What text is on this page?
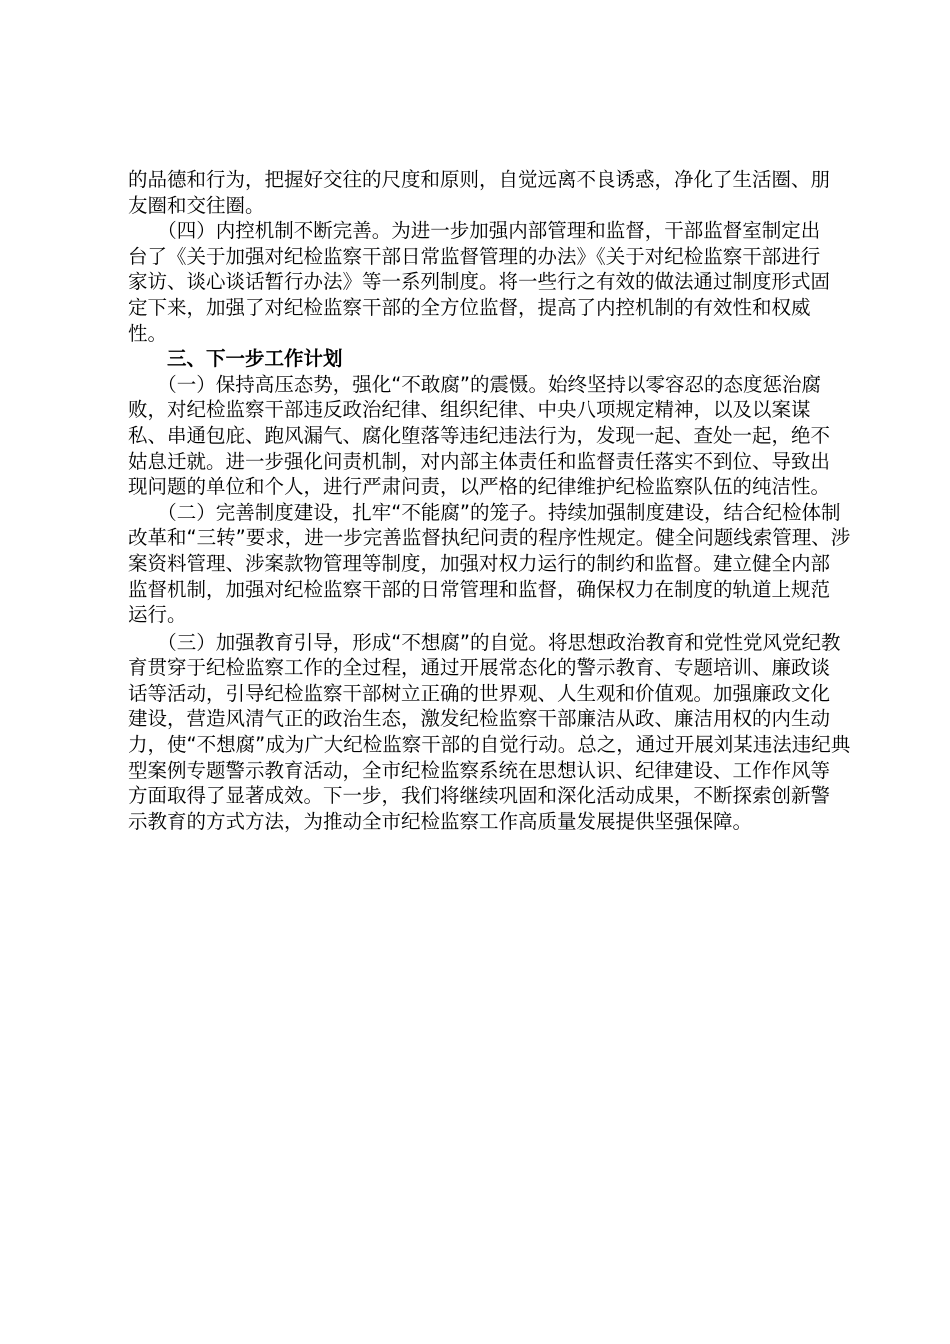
的品德和行为，把握好交往的尺度和原则，自觉远离不良诱惑，净化了生活圈、朋
友圈和交往圈。

　　（四）内控机制不断完善。为进一步加强内部管理和监督，干部监督室制定出
台了《关于加强对纪检监察干部日常监督管理的办法》《关于对纪检监察干部进行
家访、谈心谈话暂行办法》等一系列制度。将一些行之有效的做法通过制度形式固
定下来，加强了对纪检监察干部的全方位监督，提高了内控机制的有效性和权威
性。

　　三、下一步工作计划

　　（一）保持高压态势，强化“不敢腐”的震慑。始终坚持以零容忍的态度惩治腐
败，对纪检监察干部违反政治纪律、组织纪律、中央八项规定精神，以及以案谋
私、串通包庇、跑风漏气、腐化堕落等违纪违法行为，发现一起、查处一起，绝不
姑息迁就。进一步强化问责机制，对内部主体责任和监督责任落实不到位、导致出
现问题的单位和个人，进行严肃问责，以严格的纪律维护纪检监察队伍的纯洁性。

　　（二）完善制度建设，扎牢“不能腐”的笼子。持续加强制度建设，结合纪检体制
改革和“三转”要求，进一步完善监督执纪问责的程序性规定。健全问题线索管理、涉
案资料管理、涉案款物管理等制度，加强对权力运行的制约和监督。建立健全内部
监督机制，加强对纪检监察干部的日常管理和监督，确保权力在制度的轨道上规范
运行。

　　（三）加强教育引导，形成“不想腐”的自觉。将思想政治教育和党性党风党纪教
育贯穿于纪检监察工作的全过程，通过开展常态化的警示教育、专题培训、廉政谈
话等活动，引导纪检监察干部树立正确的世界观、人生观和价值观。加强廉政文化
建设，营造风清气正的政治生态，激发纪检监察干部廉洁从政、廉洁用权的内生动
力，使“不想腐”成为广大纪检监察干部的自觉行动。总之，通过开展刘某违法违纪典
型案例专题警示教育活动，全市纪检监察系统在思想认识、纪律建设、工作作风等
方面取得了显著成效。下一步，我们将继续巩固和深化活动成果，不断探索创新警
示教育的方式方法，为推动全市纪检监察工作高质量发展提供坚强保障。
